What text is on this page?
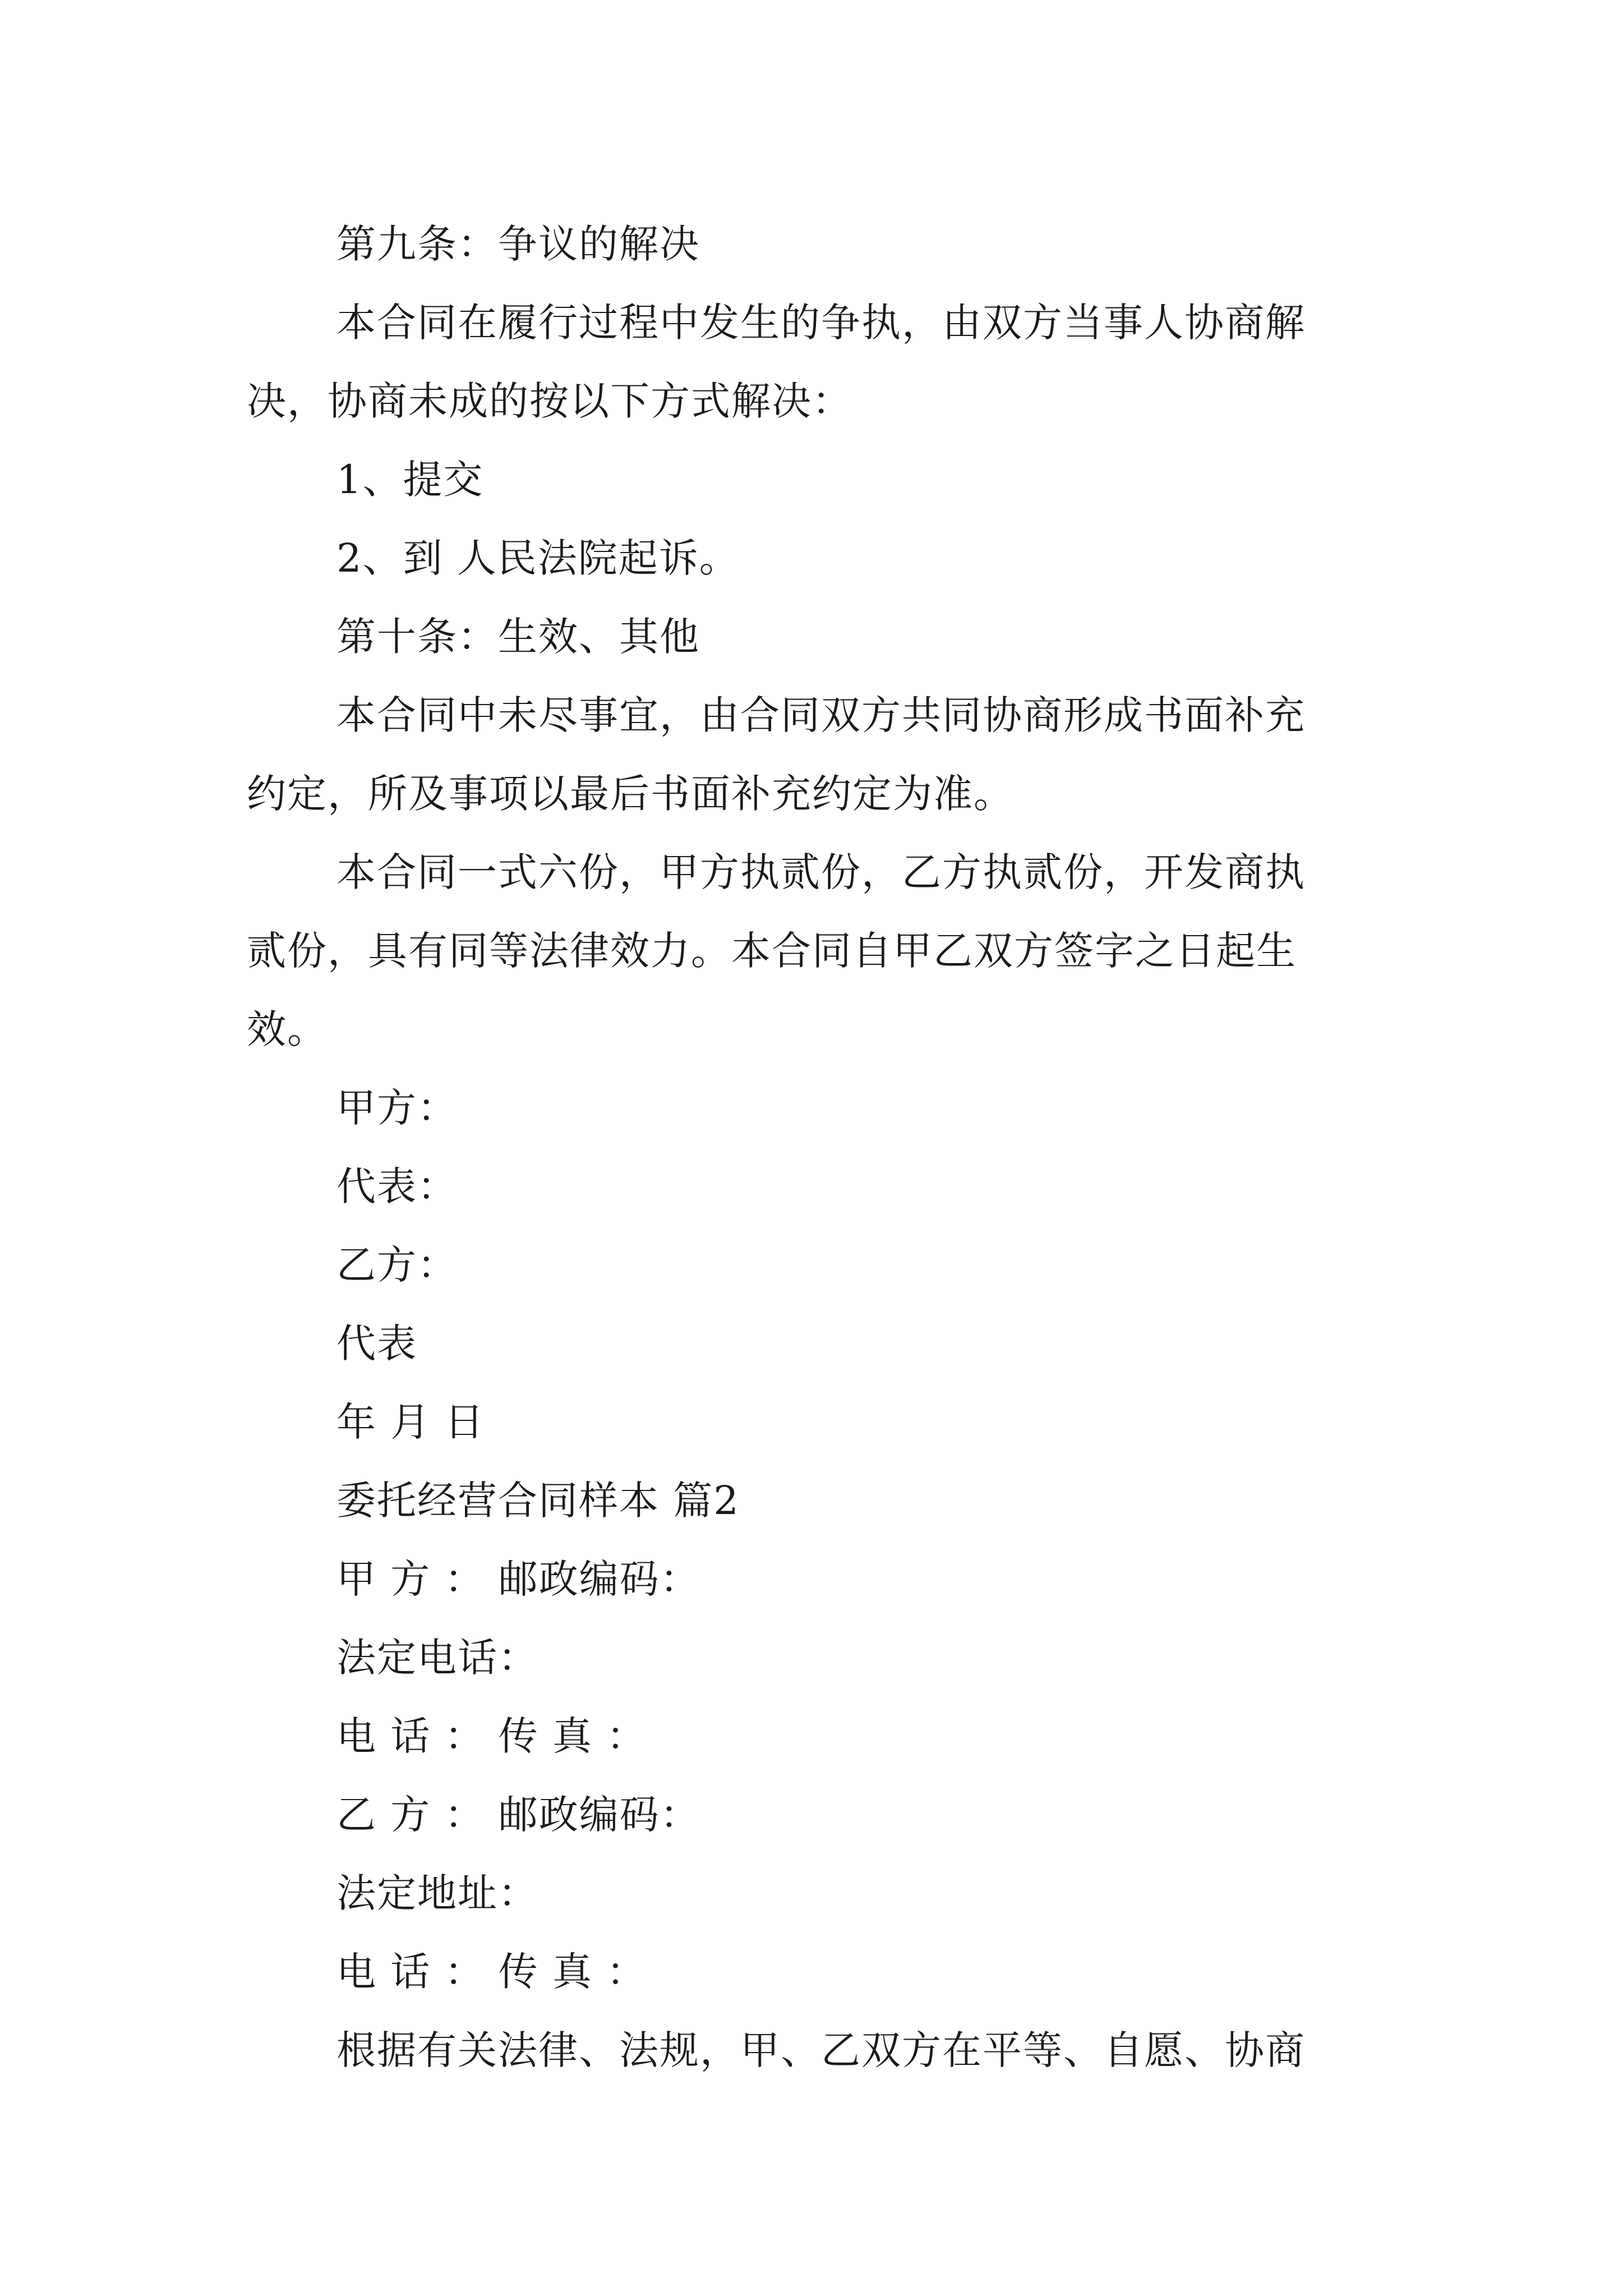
第九条：争议的解决
本合同在履行过程中发生的争执，由双方当事人协商解
决，协商未成的按以下方式解决：
1、提交
2、到 人民法院起诉。
第十条：生效、其他
本合同中未尽事宜，由合同双方共同协商形成书面补充
约定，所及事项以最后书面补充约定为准。
本合同一式六份，甲方执贰份，乙方执贰份，开发商执
贰份，具有同等法律效力。本合同自甲乙双方签字之日起生
效。
甲方：
代表：
乙方：
代表
年 月 日
委托经营合同样本 篇2
甲 方 ： 邮政编码：
法定电话：
电 话 ： 传 真 ：
乙 方 ： 邮政编码：
法定地址：
电 话 ： 传 真 ：
根据有关法律、法规，甲、乙双方在平等、自愿、协商
